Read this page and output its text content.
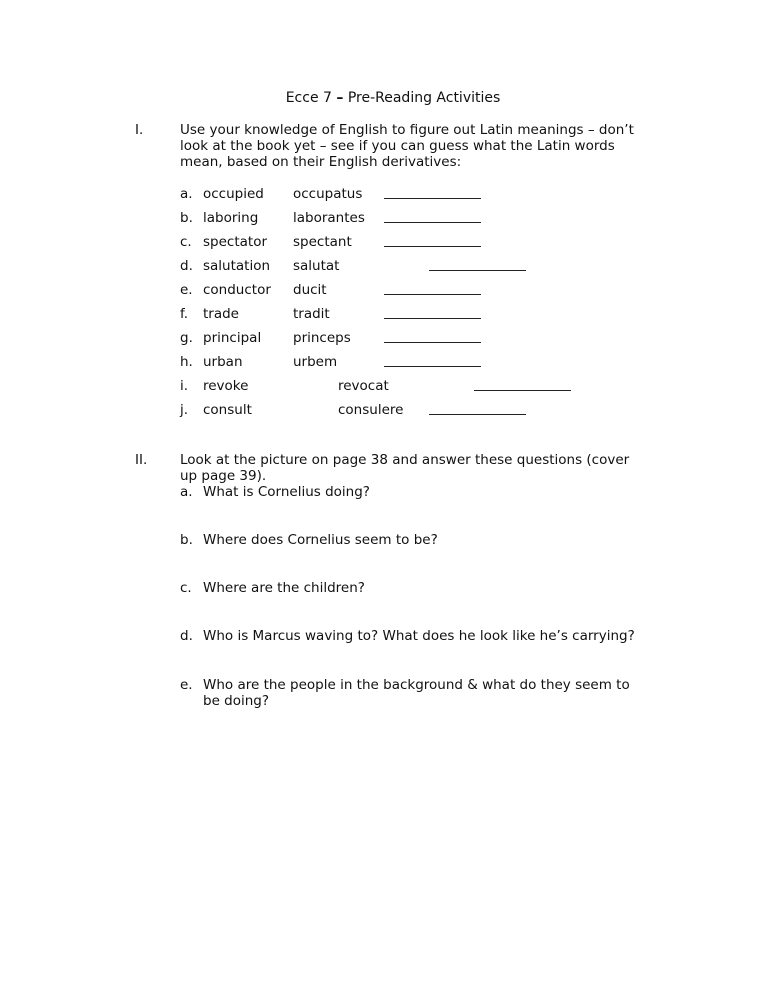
Ecce 7 – Pre-Reading Activities
I.	Use your knowledge of English to figure out Latin meanings – don’t look at the book yet – see if you can guess what the Latin words mean, based on their English derivatives:
a. occupied occupatus
b. laboring	laborantes
c. spectator spectant
d. salutation salutat
e. conductor ducit
f. trade	tradit
g. principal princeps
h. urban	urbem
i. revoke	revocat
j. consult	consulere
II. Look at the picture on page 38 and answer these questions (cover up page 39).
a. What is Cornelius doing?
b. Where does Cornelius seem to be?
c. Where are the children?
d. Who is Marcus waving to? What does he look like he’s carrying?
e. Who are the people in the background & what do they seem to be doing?
